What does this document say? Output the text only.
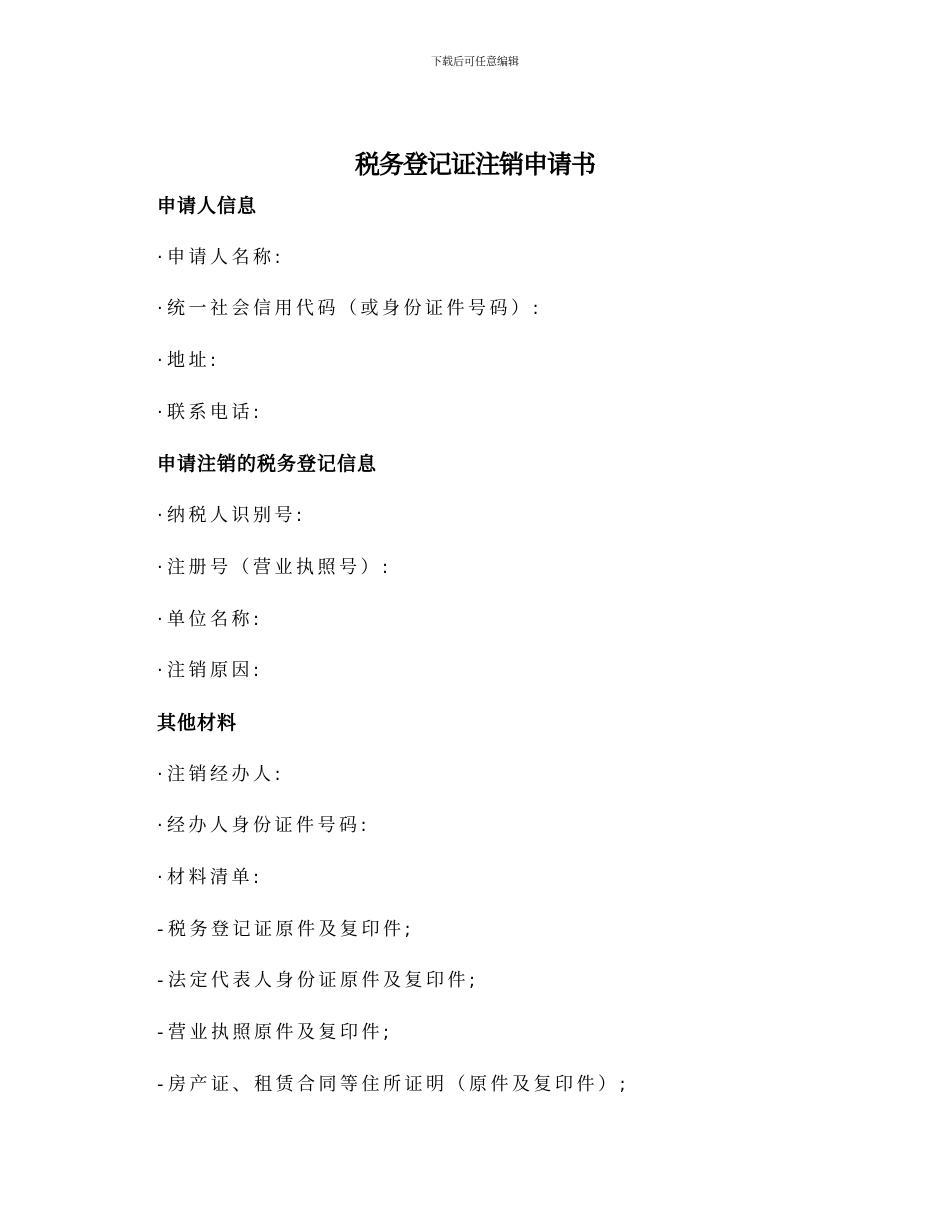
下载后可任意编辑
税务登记证注销申请书
申请人信息
· 申请人名称:
· 统一社会信用代码（或身份证件号码）:
· 地址:
· 联系电话:
申请注销的税务登记信息
· 纳税人识别号:
· 注册号（营业执照号）:
· 单位名称:
· 注销原因:
其他材料
· 注销经办人:
· 经办人身份证件号码:
· 材料清单:
- 税务登记证原件及复印件;
- 法定代表人身份证原件及复印件;
- 营业执照原件及复印件;
- 房产证、租赁合同等住所证明（原件及复印件）;
